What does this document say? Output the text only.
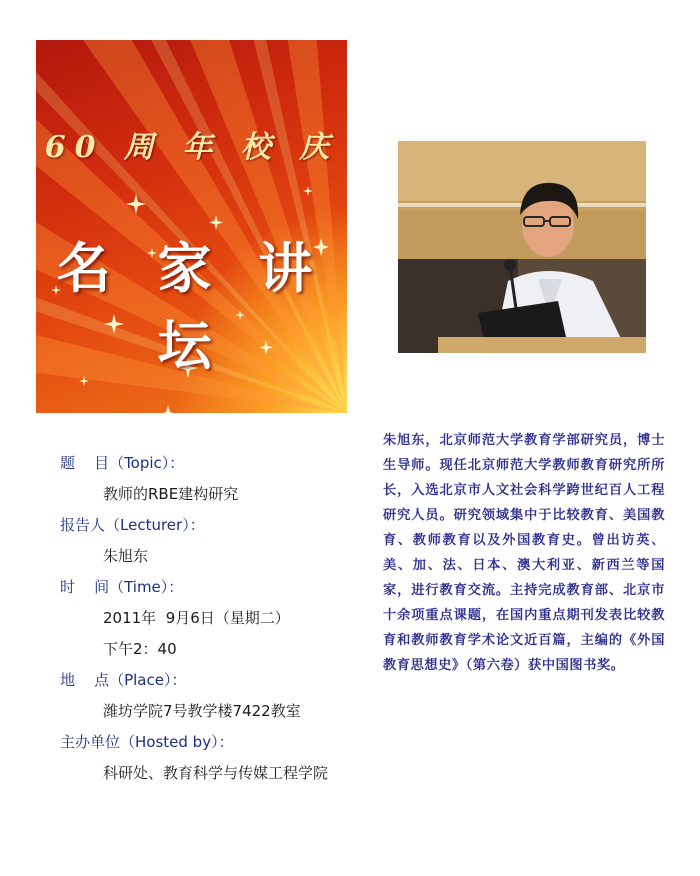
60 周 年 校 庆
名 家 讲 坛
题    目（Topic）：
教师的RBE建构研究
报告人（Lecturer）：
朱旭东
时    间（Time）：
2011年  9月6日（星期二）
下午2：40
地    点（Place）：
潍坊学院7号教学楼7422教室
主办单位（Hosted by）：
科研处、教育科学与传媒工程学院
朱旭东，北京师范大学教育学部研究员，博士生导师。现任北京师范大学教师教育研究所所长，入选北京市人文社会科学跨世纪百人工程研究人员。研究领域集中于比较教育、美国教育、教师教育以及外国教育史。曾出访英、美、加、法、日本、澳大利亚、新西兰等国家，进行教育交流。主持完成教育部、北京市十余项重点课题，在国内重点期刊发表比较教育和教师教育学术论文近百篇，主编的《外国教育思想史》（第六卷）获中国图书奖。
